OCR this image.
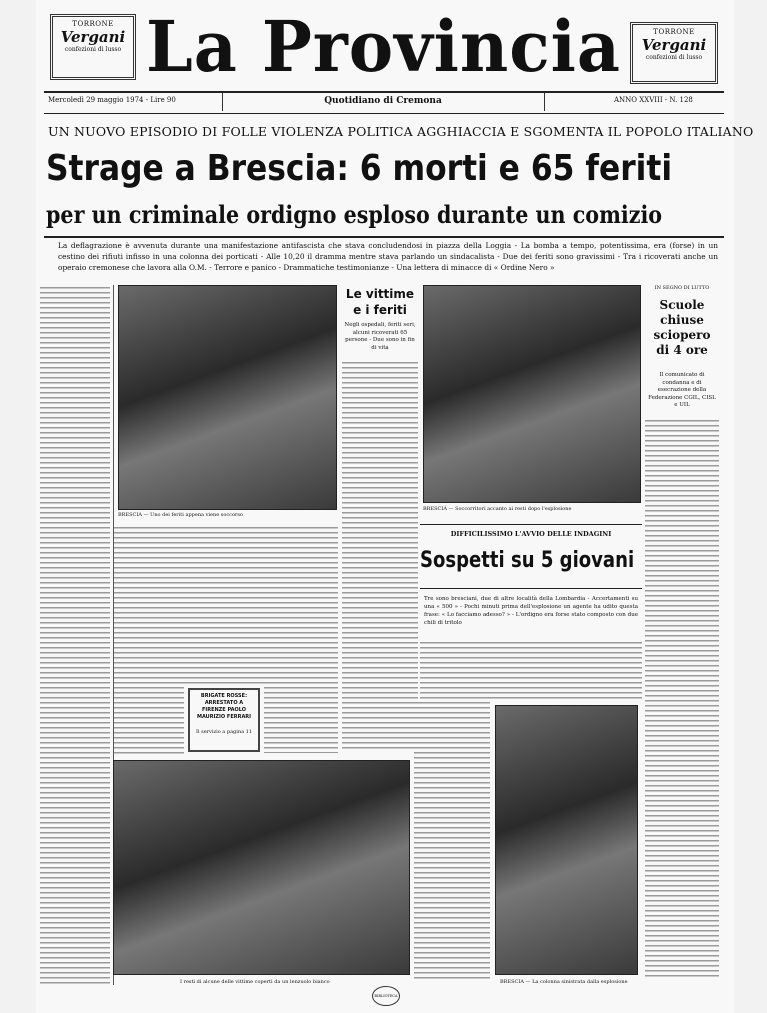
TORRONE
Vergani
confezioni di lusso La Provincia	TORRONE
Vergani
confezioni di lusso
Mercoledì 29 maggio 1974 - Lire 90	Quotidiano di Cremona	ANNO XXVIII - N. 128
UN NUOVO EPISODIO DI FOLLE VIOLENZA POLITICA AGGHIACCIA E SGOMENTA IL POPOLO ITALIANO
Strage a Brescia: 6 morti e 65 feriti
per un criminale ordigno esploso durante un comizio
La deflagrazione è avvenuta durante una manifestazione antifascista che stava concludendosi in piazza della Loggia - La bomba a tempo, potentissima, era (forse) in un cestino dei rifiuti infisso in una colonna dei porticati - Alle 10,20 il dramma mentre stava parlando un sindacalista - Due dei feriti sono gravissimi - Tra i ricoverati anche un operaio cremonese che lavora alla O.M. - Terrore e panico - Drammatiche testimonianze - Una lettera di minacce di « Ordine Nero »
BRESCIA — Uno dei feriti appena viene soccorso
BRIGATE ROSSE: ARRESTATO A FIRENZE PAOLO MAURIZIO FERRARI
Il servizio a pagina 11
Le vittime e i feriti
Negli ospedali, feriti seri, alcuni ricoverati 65 persone - Due sono in fin di vita
BRESCIA — Soccorritori accanto ai resti dopo l'esplosione
IN SEGNO DI LUTTO
Scuole chiuse sciopero di 4 ore
Il comunicato di condanna e di esecrazione della Federazione CGIL, CISL e UIL
DIFFICILISSIMO L'AVVIO DELLE INDAGINI
Sospetti su 5 giovani
Tre sono bresciani, due di altre località della Lombardia - Accertamenti su una « 500 » - Pochi minuti prima dell'esplosione un agente ha udito questa frase: « Lo facciamo adesso? » - L'ordigno era forse stato composto con due chili di tritolo
I resti di alcune delle vittime coperti da un lenzuolo bianco	BRESCIA — La colonna sinistrata dalla esplosione
BIBLIOTECA
